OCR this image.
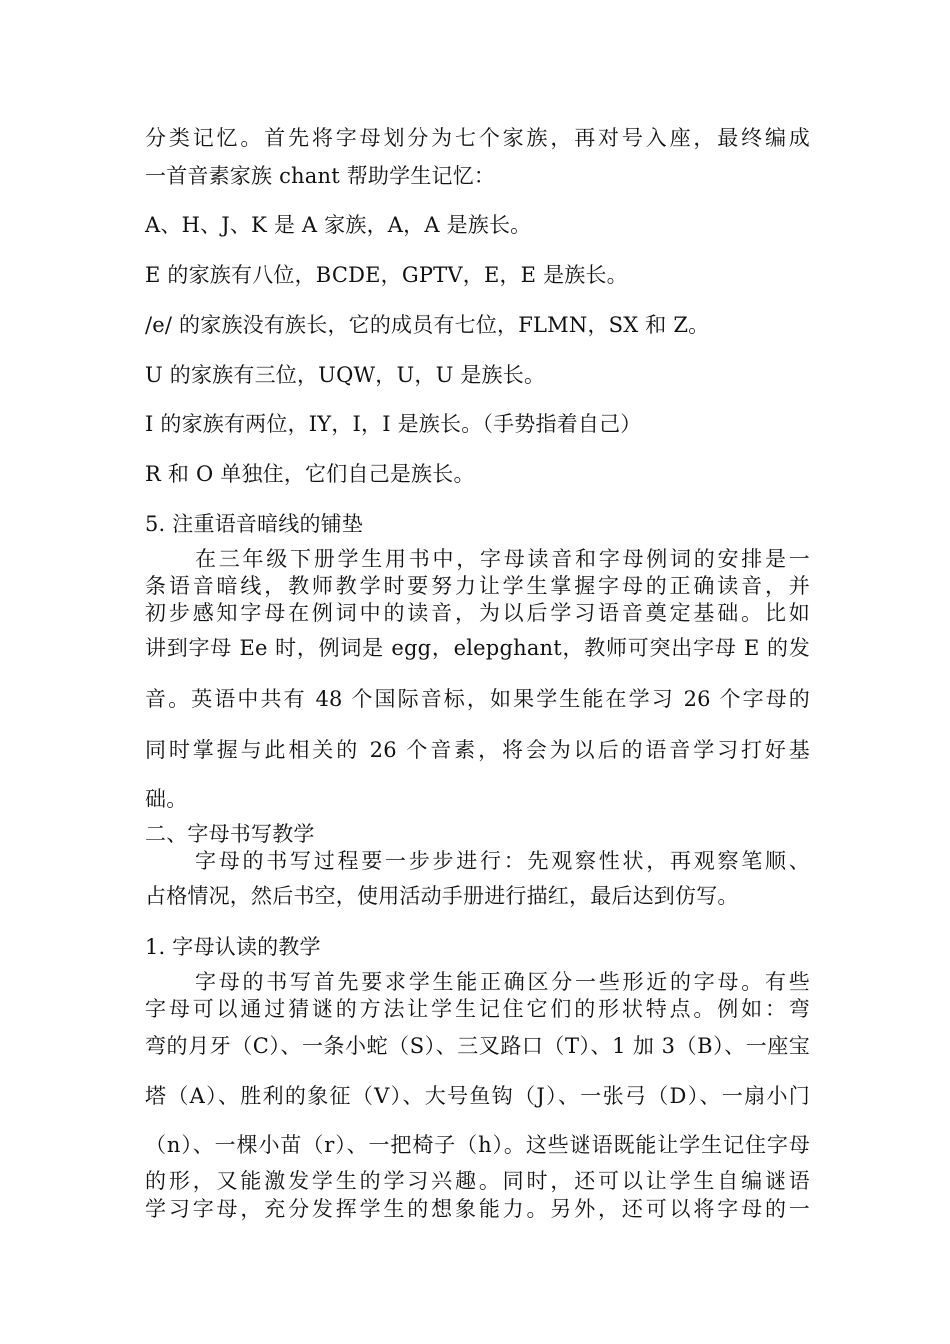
分类记忆。首先将字母划分为七个家族，再对号入座，最终编成
一首音素家族 chant 帮助学生记忆：
A、H、J、K 是 A 家族，A，A 是族长。
E 的家族有八位，BCDE，GPTV，E，E 是族长。
/e/ 的家族没有族长，它的成员有七位，FLMN，SX 和 Z。
U 的家族有三位，UQW，U，U 是族长。
I 的家族有两位，IY，I，I 是族长。（手势指着自己）
R 和 O 单独住，它们自己是族长。
5. 注重语音暗线的铺垫
在三年级下册学生用书中，字母读音和字母例词的安排是一
条语音暗线，教师教学时要努力让学生掌握字母的正确读音，并
初步感知字母在例词中的读音，为以后学习语音奠定基础。比如
讲到字母 Ee 时，例词是 egg，elepghant，教师可突出字母 E 的发
音。英语中共有 48 个国际音标，如果学生能在学习 26 个字母的
同时掌握与此相关的 26 个音素，将会为以后的语音学习打好基
础。
二、字母书写教学
字母的书写过程要一步步进行：先观察性状，再观察笔顺、
占格情况，然后书空，使用活动手册进行描红，最后达到仿写。
1. 字母认读的教学
字母的书写首先要求学生能正确区分一些形近的字母。有些
字母可以通过猜谜的方法让学生记住它们的形状特点。例如：弯
弯的月牙（C）、一条小蛇（S）、三叉路口（T）、1 加 3（B）、一座宝
塔（A）、胜利的象征（V）、大号鱼钩（J）、一张弓（D）、一扇小门
（n）、一棵小苗（r）、一把椅子（h）。这些谜语既能让学生记住字母
的形，又能激发学生的学习兴趣。同时，还可以让学生自编谜语
学习字母，充分发挥学生的想象能力。另外，还可以将字母的一
